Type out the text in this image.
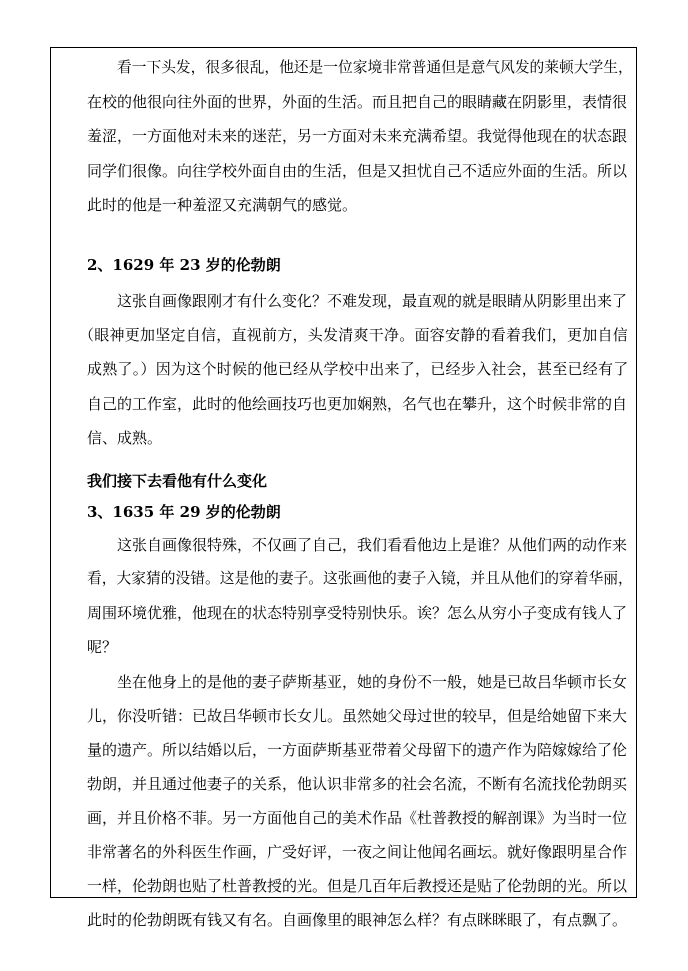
看一下头发，很多很乱，他还是一位家境非常普通但是意气风发的莱顿大学生，
在校的他很向往外面的世界，外面的生活。而且把自己的眼睛藏在阴影里，表情很
羞涩，一方面他对未来的迷茫，另一方面对未来充满希望。我觉得他现在的状态跟
同学们很像。向往学校外面自由的生活，但是又担忧自己不适应外面的生活。所以
此时的他是一种羞涩又充满朝气的感觉。
2、1629 年 23 岁的伦勃朗
这张自画像跟刚才有什么变化？不难发现，最直观的就是眼睛从阴影里出来了
（眼神更加坚定自信，直视前方，头发清爽干净。面容安静的看着我们，更加自信
成熟了。）因为这个时候的他已经从学校中出来了，已经步入社会，甚至已经有了
自己的工作室，此时的他绘画技巧也更加娴熟，名气也在攀升，这个时候非常的自
信、成熟。
我们接下去看他有什么变化
3、1635 年 29 岁的伦勃朗
这张自画像很特殊，不仅画了自己，我们看看他边上是谁？从他们两的动作来
看，大家猜的没错。这是他的妻子。这张画他的妻子入镜，并且从他们的穿着华丽，
周围环境优雅，他现在的状态特别享受特别快乐。诶？怎么从穷小子变成有钱人了
呢？
坐在他身上的是他的妻子萨斯基亚，她的身份不一般，她是已故吕华顿市长女
儿，你没听错：已故吕华顿市长女儿。虽然她父母过世的较早，但是给她留下来大
量的遗产。所以结婚以后，一方面萨斯基亚带着父母留下的遗产作为陪嫁嫁给了伦
勃朗，并且通过他妻子的关系，他认识非常多的社会名流，不断有名流找伦勃朗买
画，并且价格不菲。另一方面他自己的美术作品《杜普教授的解剖课》为当时一位
非常著名的外科医生作画，广受好评，一夜之间让他闻名画坛。就好像跟明星合作
一样，伦勃朗也贴了杜普教授的光。但是几百年后教授还是贴了伦勃朗的光。所以
此时的伦勃朗既有钱又有名。自画像里的眼神怎么样？有点眯眯眼了，有点飘了。
